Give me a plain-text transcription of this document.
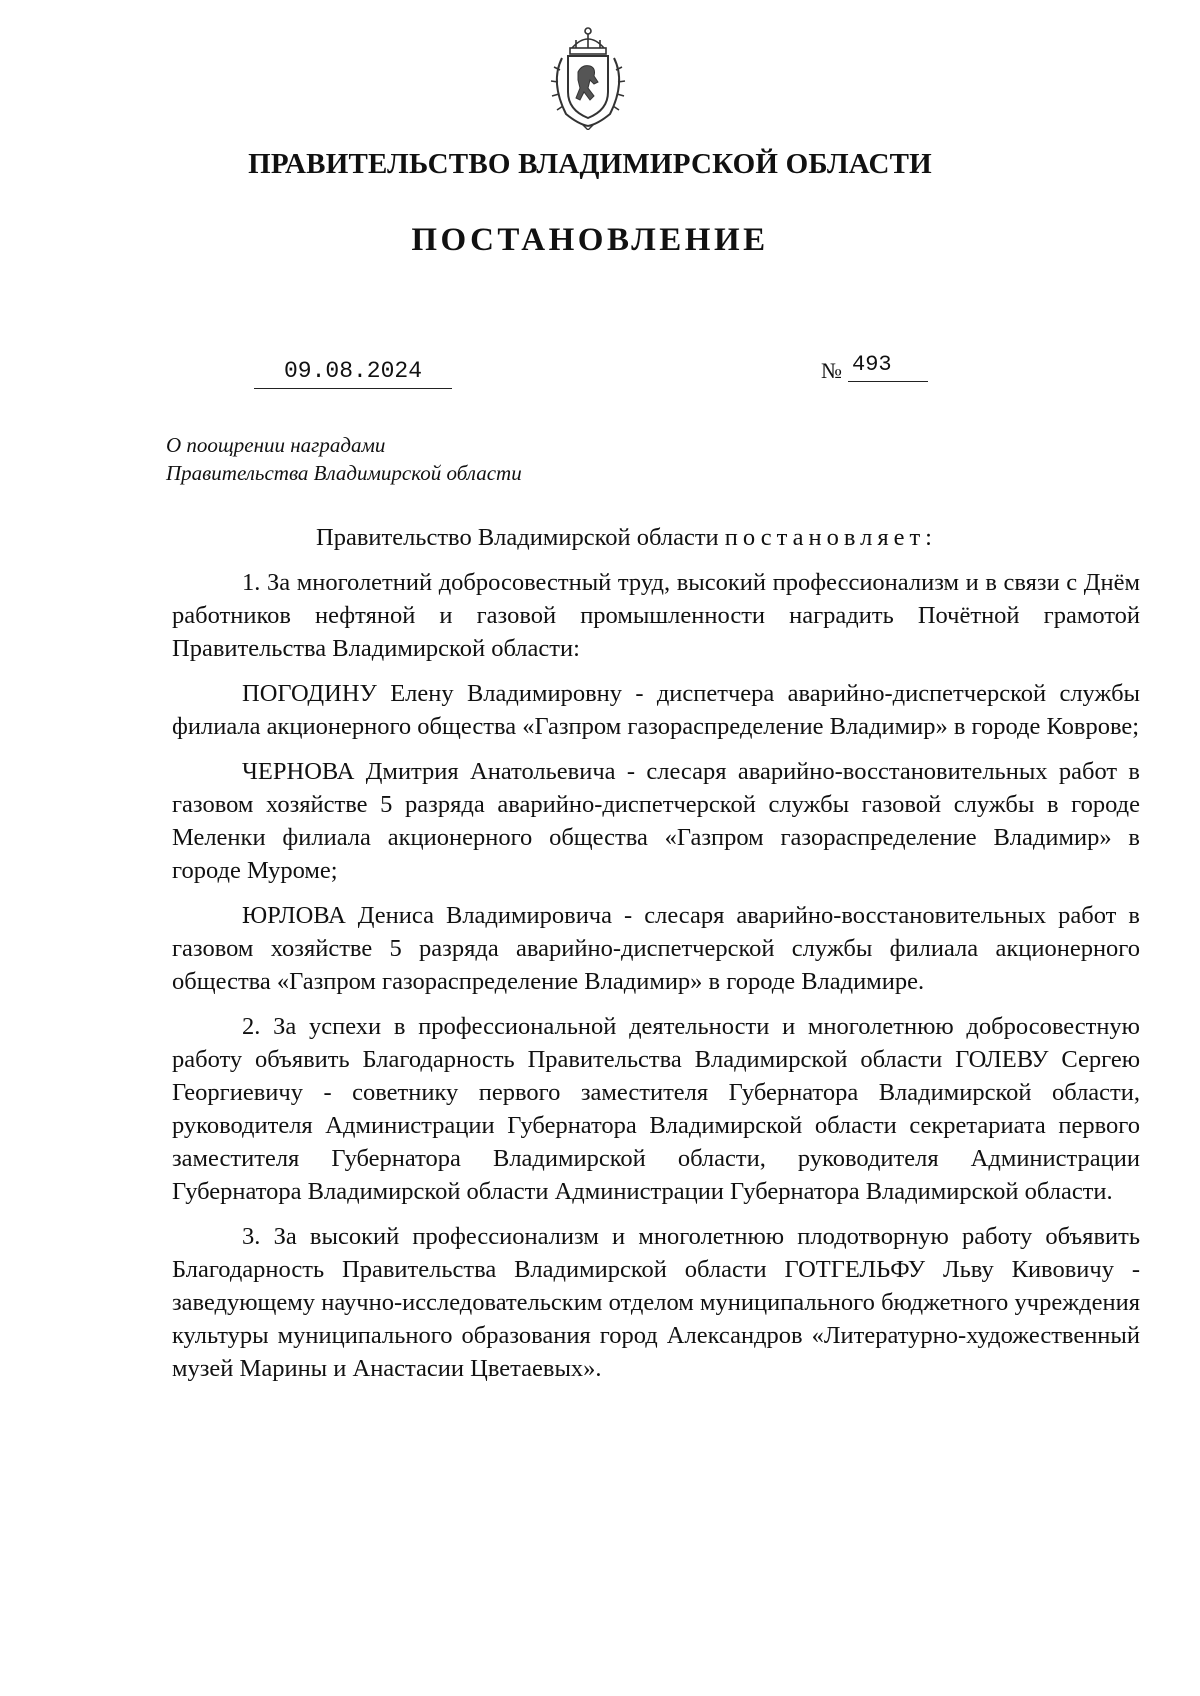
ПРАВИТЕЛЬСТВО ВЛАДИМИРСКОЙ ОБЛАСТИ
ПОСТАНОВЛЕНИЕ
09.08.2024	№ 493
О поощрении наградами
Правительства Владимирской области

Правительство Владимирской области постановляет:

1. За многолетний добросовестный труд, высокий профессионализм и в связи с Днём работников нефтяной и газовой промышленности наградить Почётной грамотой Правительства Владимирской области:

ПОГОДИНУ Елену Владимировну - диспетчера аварийно-диспетчерской службы филиала акционерного общества «Газпром газораспределение Владимир» в городе Коврове;

ЧЕРНОВА Дмитрия Анатольевича - слесаря аварийно-восстановительных работ в газовом хозяйстве 5 разряда аварийно-диспетчерской службы газовой службы в городе Меленки филиала акционерного общества «Газпром газораспределение Владимир» в городе Муроме;

ЮРЛОВА Дениса Владимировича - слесаря аварийно-восстановительных работ в газовом хозяйстве 5 разряда аварийно-диспетчерской службы филиала акционерного общества «Газпром газораспределение Владимир» в городе Владимире.

2. За успехи в профессиональной деятельности и многолетнюю добросовестную работу объявить Благодарность Правительства Владимирской области ГОЛЕВУ Сергею Георгиевичу - советнику первого заместителя Губернатора Владимирской области, руководителя Администрации Губернатора Владимирской области секретариата первого заместителя Губернатора Владимирской области, руководителя Администрации Губернатора Владимирской области Администрации Губернатора Владимирской области.

3. За высокий профессионализм и многолетнюю плодотворную работу объявить Благодарность Правительства Владимирской области ГОТГЕЛЬФУ Льву Кивовичу - заведующему научно-исследовательским отделом муниципального бюджетного учреждения культуры муниципального образования город Александров «Литературно-художественный музей Марины и Анастасии Цветаевых».
